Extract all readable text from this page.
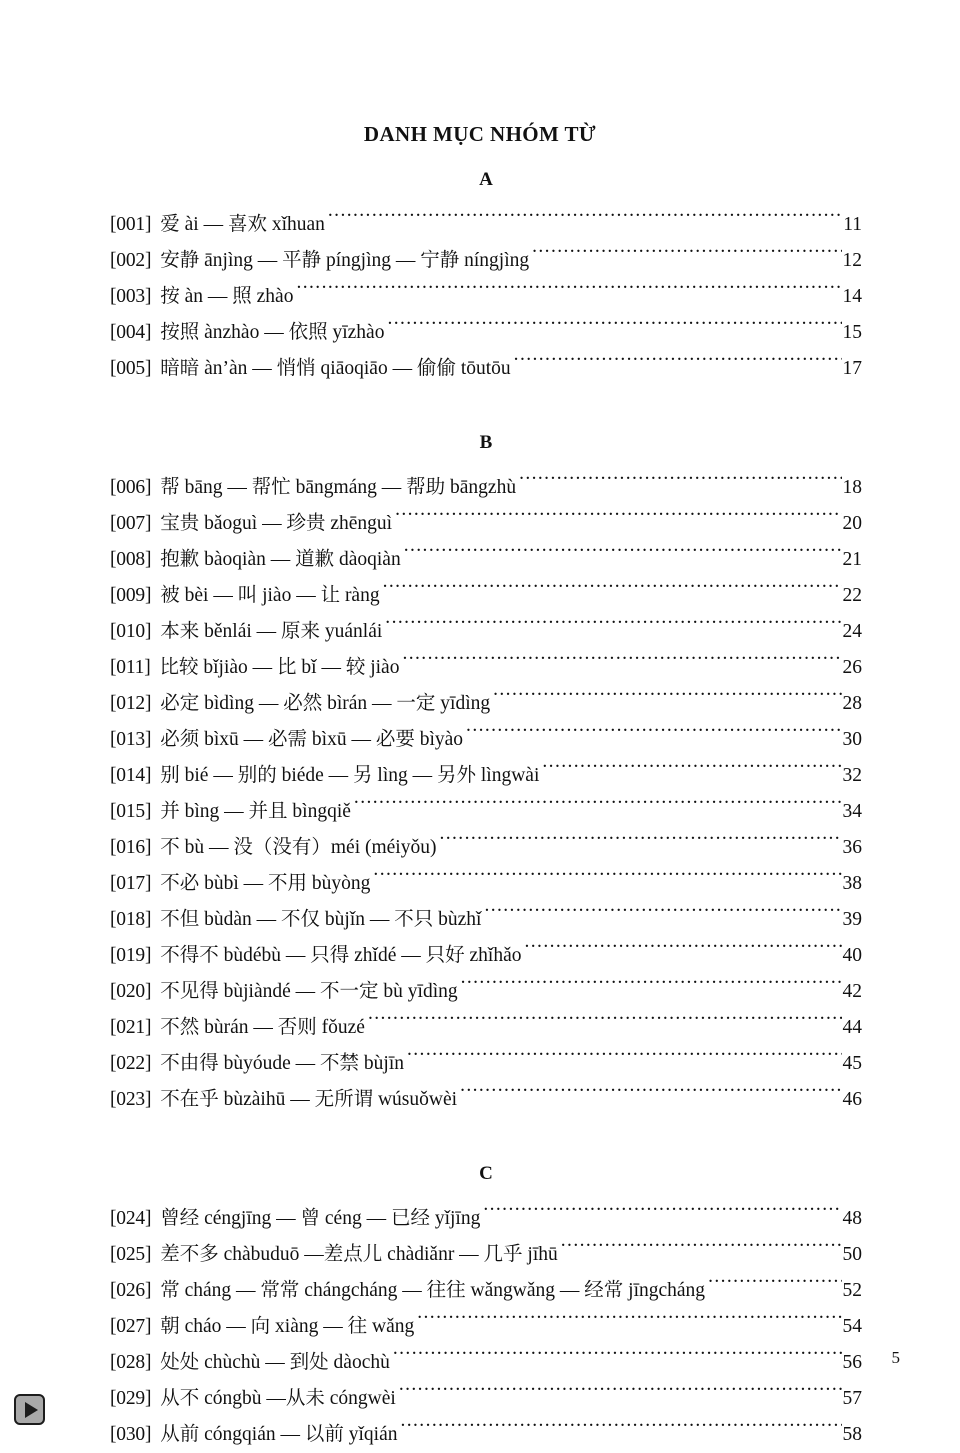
DANH MỤC NHÓM TỪ
A
[001] 爱 ài — 喜欢 xǐhuan .....	11
[002] 安静 ānjìng — 平静 píngjìng — 宁静 níngjìng .....	12
[003] 按 àn — 照 zhào .....	14
[004] 按照 ànzhào — 依照 yīzhào .....	15
[005] 暗暗 àn’àn — 悄悄 qiāoqiāo — 偷偷 tōutōu .....	17
B
[006] 帮 bāng — 帮忙 bāngmáng — 帮助 bāngzhù .....	18
[007] 宝贵 bǎoguì — 珍贵 zhēnguì .....	20
[008] 抱歉 bàoqiàn — 道歉 dàoqiàn .....	21
[009] 被 bèi — 叫 jiào — 让 ràng .....	22
[010] 本来 běnlái — 原来 yuánlái .....	24
[011] 比较 bǐjiào — 比 bǐ — 较 jiào .....	26
[012] 必定 bìdìng — 必然 bìrán — 一定 yīdìng .....	28
[013] 必须 bìxū — 必需 bìxū — 必要 bìyào .....	30
[014] 别 bié — 别的 biéde — 另 lìng — 另外 lìngwài .....	32
[015] 并 bìng — 并且 bìngqiě .....	34
[016] 不 bù — 没（没有）méi (méiyǒu) .....	36
[017] 不必 bùbì — 不用 bùyòng .....	38
[018] 不但 bùdàn — 不仅 bùjǐn — 不只 bùzhǐ .....	39
[019] 不得不 bùdébù — 只得 zhǐdé — 只好 zhǐhǎo .....	40
[020] 不见得 bùjiàndé — 不一定 bù yīdìng .....	42
[021] 不然 bùrán — 否则 fǒuzé .....	44
[022] 不由得 bùyóude — 不禁 bùjīn .....	45
[023] 不在乎 bùzàihū — 无所谓 wúsuǒwèi .....	46
C
[024] 曾经 céngjīng — 曾 céng — 已经 yǐjīng .....	48
[025] 差不多 chàbuduō —差点儿 chàdiǎnr — 几乎 jīhū .....	50
[026] 常 cháng — 常常 chángcháng — 往往 wǎngwǎng — 经常 jīngcháng .....	52
[027] 朝 cháo — 向 xiàng — 往 wǎng .....	54
[028] 处处 chùchù — 到处 dàochù .....	56
[029] 从不 cóngbù —从未 cóngwèi .....	57
[030] 从前 cóngqián — 以前 yǐqián .....	58
5
